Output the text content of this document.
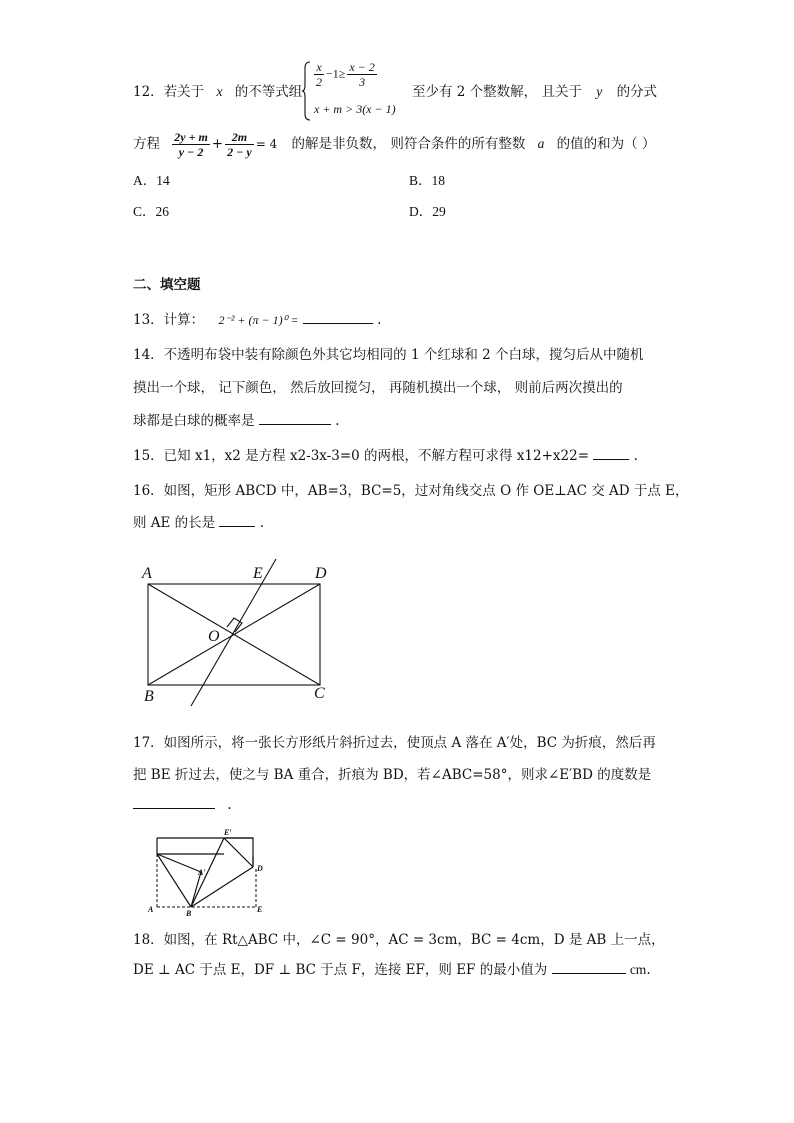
12．若关于 x 的不等式组
$\frac{x}{2} -1\ge \frac{x - 2}{3}$
x + m > 3(x − 1)
至少有 2 个整数解， 且关于 y 的分式
方程 $\frac{2y + m}{y - 2} + \frac{2m}{2 - y} = 4$ 的解是非负数， 则符合条件的所有整数 a 的值的和为（ ）
A．14	B．18
C．26	D．29
二、填空题
13．计算： 2⁻² + (π − 1)⁰ =	.
14．不透明布袋中装有除颜色外其它均相同的 1 个红球和 2 个白球，搅匀后从中随机
摸出一个球， 记下颜色， 然后放回搅匀， 再随机摸出一个球， 则前后两次摸出的
球都是白球的概率是	.
15．已知 x1，x2 是方程 x2-3x-3=0 的两根，不解方程可求得 x12+x22=	.
16．如图，矩形 ABCD 中，AB=3，BC=5，过对角线交点 O 作 OE⊥AC 交 AD 于点 E，
则 AE 的长是	.
A	E	D
O
B	C
17．如图所示，将一张长方形纸片斜折过去，使顶点 A 落在 A′处，BC 为折痕，然后再
把 BE 折过去，使之与 BA 重合，折痕为 BD，若∠ABC=58°，则求∠E′BD 的度数是
.
E′
D
A′
A	B	E
18．如图，在 Rt△ABC 中，∠C = 90°，AC = 3cm，BC = 4cm，D 是 AB 上一点，
DE ⊥ AC 于点 E，DF ⊥ BC 于点 F，连接 EF，则 EF 的最小值为	cm.
